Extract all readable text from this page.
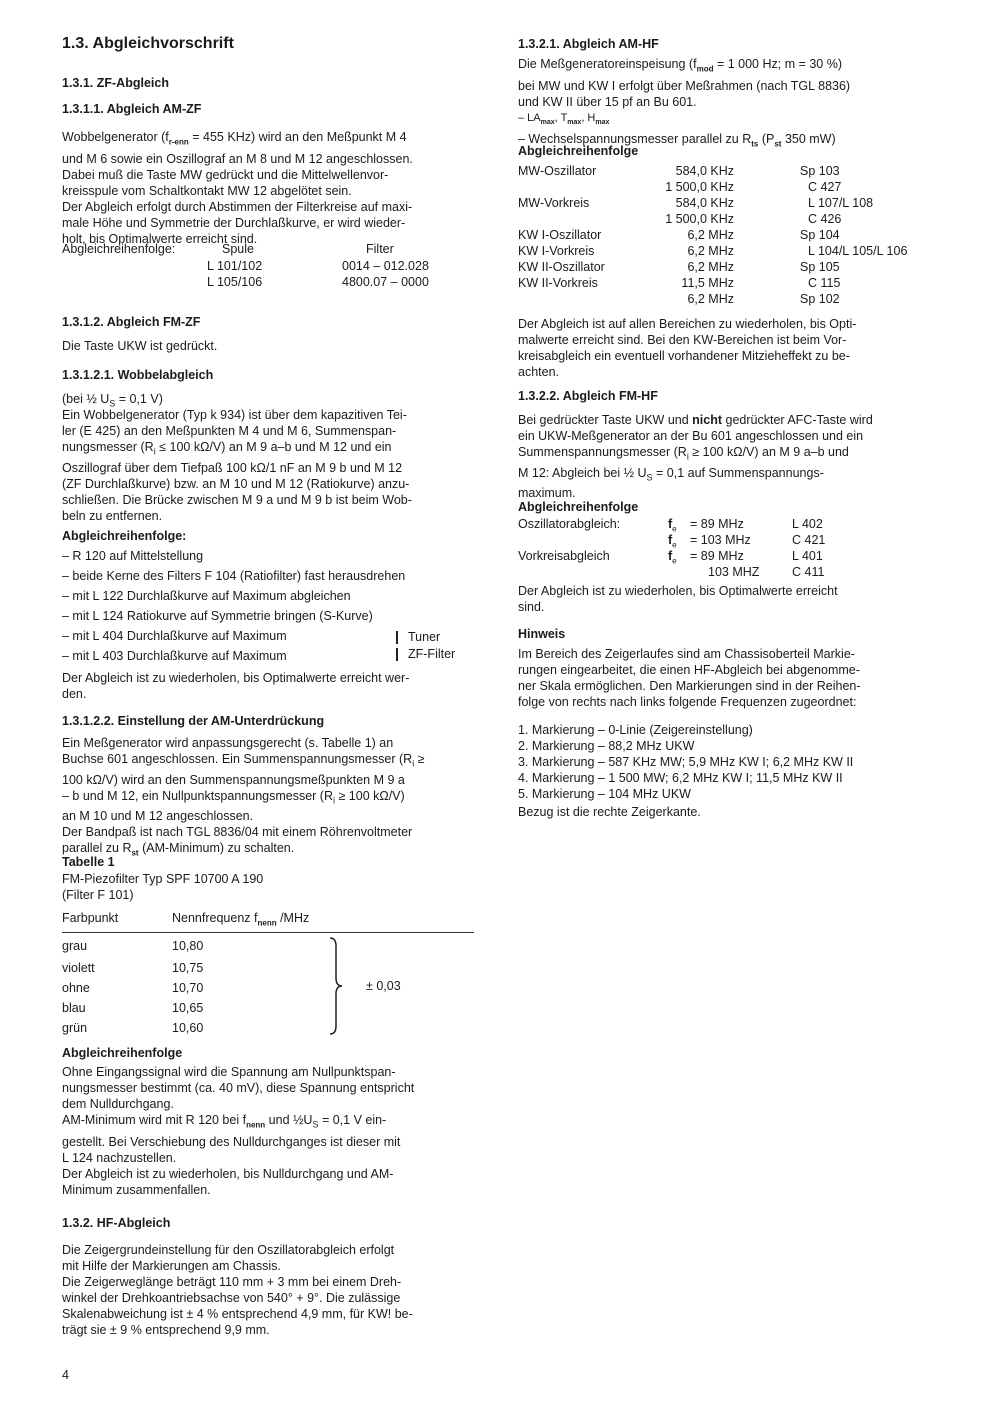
1.3. Abgleichvorschrift
1.3.1. ZF-Abgleich
1.3.1.1. Abgleich AM-ZF

Wobbelgenerator ($f_{r-enn} = 455$ KHz) wird an den Meßpunkt M 4

und M 6 sowie ein Oszillograf an M 8 und M 12 angeschlossen.

Dabei muß die Taste MW gedrückt und die Mittelwellenvor-

kreisspule vom Schaltkontakt MW 12 abgelötet sein.

Der Abgleich erfolgt durch Abstimmen der Filterkreise auf maxi-

male Höhe und Symmetrie der Durchlaßkurve, er wird wieder-

holt, bis Optimalwerte erreicht sind.

Abgleichreihenfolge:	Spule	Filter
L 101/102	0014 – 012.028
L 105/106	4800.07 – 0000
1.3.1.2. Abgleich FM-ZF
Die Taste UKW ist gedrückt.
1.3.1.2.1. Wobbelabgleich
(bei ½ $U_S = 0,1$ V)

Ein Wobbelgenerator (Typ k 934) ist über dem kapazitiven Tei-

ler (E 425) an den Meßpunkten M 4 und M 6, Summenspan-

nungsmesser ($R_i \le 100$ kΩ/V) an M 9 a–b und M 12 und ein

Oszillograf über dem Tiefpaß 100 kΩ/1 nF an M 9 b und M 12

(ZF Durchlaßkurve) bzw. an M 10 und M 12 (Ratiokurve) anzu-

schließen. Die Brücke zwischen M 9 a und M 9 b ist beim Wob-

beln zu entfernen.

Abgleichreihenfolge:
– R 120 auf Mittelstellung
– beide Kerne des Filters F 104 (Ratiofilter) fast herausdrehen
– mit L 122 Durchlaßkurve auf Maximum abgleichen
– mit L 124 Ratiokurve auf Symmetrie bringen (S-Kurve)
– mit L 404 Durchlaßkurve auf Maximum
– mit L 403 Durchlaßkurve auf Maximum
Tuner
ZF-Filter

Der Abgleich ist zu wiederholen, bis Optimalwerte erreicht wer-

den.

1.3.1.2.2. Einstellung der AM-Unterdrückung

Ein Meßgenerator wird anpassungsgerecht (s. Tabelle 1) an

Buchse 601 angeschlossen. Ein Summenspannungsmesser ($R_i$ ≥

100 kΩ/V) wird an den Summenspannungsmeßpunkten M 9 a

– b und M 12, ein Nullpunktspannungsmesser ($R_i \ge 100$ kΩ/V)

an M 10 und M 12 angeschlossen.

Der Bandpaß ist nach TGL 8836/04 mit einem Röhrenvoltmeter

parallel zu $R_{st}$ (AM-Minimum) zu schalten.

Tabelle 1
FM-Piezofilter Typ SPF 10700 A 190
(Filter F 101)
Farbpunkt	Nennfrequenz $f_{nenn}$ /MHz
grau	10,80
violett	10,75
ohne	10,70
blau	10,65
grün	10,60
± 0,03
Abgleichreihenfolge

Ohne Eingangssignal wird die Spannung am Nullpunktspan-

nungsmesser bestimmt (ca. 40 mV), diese Spannung entspricht

dem Nulldurchgang.

AM-Minimum wird mit R 120 bei $f_{nenn}$ und $\frac{1}{2}U_S = 0,1$ V ein-

gestellt. Bei Verschiebung des Nulldurchganges ist dieser mit

L 124 nachzustellen.

Der Abgleich ist zu wiederholen, bis Nulldurchgang und AM-

Minimum zusammenfallen.

1.3.2. HF-Abgleich

Die Zeigergrundeinstellung für den Oszillatorabgleich erfolgt

mit Hilfe der Markierungen am Chassis.

Die Zeigerweglänge beträgt 110 mm + 3 mm bei einem Dreh-

winkel der Drehkoantriebsachse von 540° + 9°. Die zulässige

Skalenabweichung ist ± 4 % entsprechend 4,9 mm, für KW! be-

trägt sie ± 9 % entsprechend 9,9 mm.

4
1.3.2.1. Abgleich AM-HF

Die Meßgeneratoreinspeisung ($f_{mod} = 1$ 000 Hz; m = 30 %)

bei MW und KW I erfolgt über Meßrahmen (nach TGL 8836)

und KW II über 15 pf an Bu 601.

– $LA_{max}$, $T_{max}$, $H_{max}$

– Wechselspannungsmesser parallel zu $R_{ts}$ ($P_{st}$ 350 mW)

Abgleichreihenfolge
MW-Oszillator	584,0 KHz	Sp 103
1 500,0 KHz	C 427
MW-Vorkreis	584,0 KHz	L 107/L 108
1 500,0 KHz	C 426
KW I-Oszillator	6,2 MHz	Sp 104
KW I-Vorkreis	6,2 MHz	L 104/L 105/L 106
KW II-Oszillator	6,2 MHz	Sp 105
KW II-Vorkreis	11,5 MHz	C 115
6,2 MHz	Sp 102

Der Abgleich ist auf allen Bereichen zu wiederholen, bis Opti-

malwerte erreicht sind. Bei den KW-Bereichen ist beim Vor-

kreisabgleich ein eventuell vorhandener Mitzieheffekt zu be-

achten.

1.3.2.2. Abgleich FM-HF

Bei gedrückter Taste UKW und nicht gedrückter AFC-Taste wird

ein UKW-Meßgenerator an der Bu 601 angeschlossen und ein

Summenspannungsmesser ($R_i \ge 100$ kΩ/V) an M 9 a–b und

M 12: Abgleich bei ½ $U_S = 0,1$ auf Summenspannungs-

maximum.

Abgleichreihenfolge
Oszillatorabgleich:	$f_e = 89$ MHz	L 402
$f_e = 103$ MHz	C 421
Vorkreisabgleich	$f_e = 89$ MHz	L 401
103 MHZ	C 411

Der Abgleich ist zu wiederholen, bis Optimalwerte erreicht

sind.

Hinweis

Im Bereich des Zeigerlaufes sind am Chassisoberteil Markie-

rungen eingearbeitet, die einen HF-Abgleich bei abgenomme-

ner Skala ermöglichen. Den Markierungen sind in der Reihen-

folge von rechts nach links folgende Frequenzen zugeordnet:

1. Markierung – 0-Linie (Zeigereinstellung)
2. Markierung – 88,2 MHz UKW
3. Markierung – 587 KHz MW; 5,9 MHz KW I; 6,2 MHz KW II
4. Markierung – 1 500 MW; 6,2 MHz KW I; 11,5 MHz KW II
5. Markierung – 104 MHz UKW
Bezug ist die rechte Zeigerkante.
